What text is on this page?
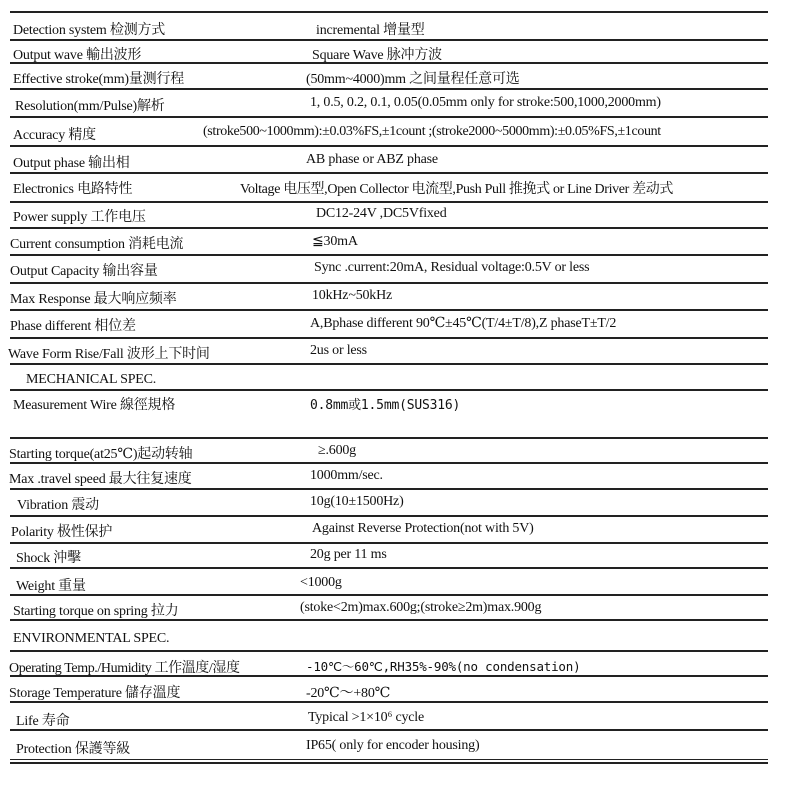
Detection system 检测方式	incremental 增量型
Output wave 輸出波形	Square Wave 脉冲方波
Effective stroke(mm)量测行程	(50mm~4000)mm 之间量程任意可选
Resolution(mm/Pulse)解析	1, 0.5, 0.2, 0.1, 0.05(0.05mm only for stroke:500,1000,2000mm)
Accuracy 精度	(stroke500~1000mm):±0.03%FS,±1count ;(stroke2000~5000mm):±0.05%FS,±1count
Output phase 输出相	AB phase or ABZ phase
Electronics 电路特性	Voltage 电压型,Open Collector 电流型,Push Pull 推挽式 or Line Driver 差动式
Power supply 工作电压	DC12-24V ,DC5Vfixed
Current consumption 消耗电流	≦30mA
Output Capacity 输出容量	Sync .current:20mA, Residual voltage:0.5V or less
Max Response 最大响应频率	10kHz~50kHz
Phase different 相位差	A,Bphase different 90℃±45℃(T/4±T/8),Z phaseT±T/2
Wave Form Rise/Fall 波形上下时间	2us or less
MECHANICAL SPEC.
Measurement Wire 線徑規格	0.8mm或1.5mm(SUS316)
Starting torque(at25℃)起动转轴	≥.600g
Max .travel speed 最大往复速度	1000mm/sec.
Vibration 震动	10g(10±1500Hz)
Polarity 极性保护	Against Reverse Protection(not with 5V)
Shock 沖擊	20g per 11 ms
Weight 重量	<1000g
Starting torque on spring 拉力	(stoke<2m)max.600g;(stroke≥2m)max.900g
ENVIRONMENTAL SPEC.
Operating Temp./Humidity 工作溫度/湿度	-10℃～60℃,RH35%-90%(no condensation)
Storage Temperature 儲存溫度	-20℃～+80℃
Life 寿命	Typical >1×10⁶ cycle
Protection 保護等級	IP65( only for encoder housing)
